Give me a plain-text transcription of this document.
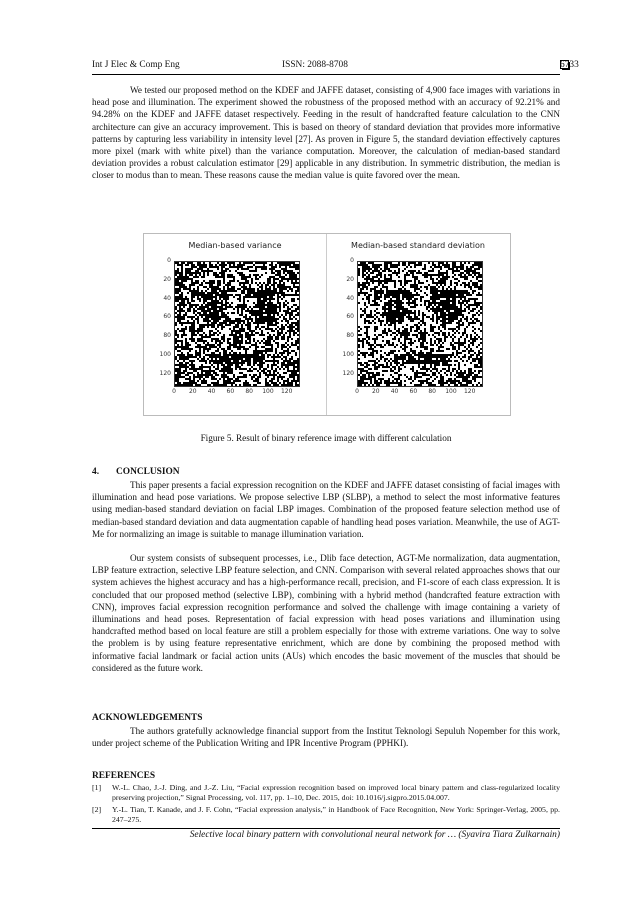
Int J Elec & Comp Eng	ISSN: 2088-8708	6733

We tested our proposed method on the KDEF and JAFFE dataset, consisting of 4,900 face images with variations in head pose and illumination. The experiment showed the robustness of the proposed method with an accuracy of 92.21% and 94.28% on the KDEF and JAFFE dataset respectively. Feeding in the result of handcrafted feature calculation to the CNN architecture can give an accuracy improvement. This is based on theory of standard deviation that provides more informative patterns by capturing less variability in intensity level [27]. As proven in Figure 5, the standard deviation effectively captures more pixel (mark with white pixel) than the variance computation. Moreover, the calculation of median-based standard deviation provides a robust calculation estimator [29] applicable in any distribution. In symmetric distribution, the median is closer to modus than to mean. These reasons cause the median value is quite favored over the mean.

Median-based variance
0
20
40
60
80
100
120
0	20	40	60	80	100	120
Median-based standard deviation
0
20
40
60
80
100
120
0	20	40	60	80	100	120
Figure 5. Result of binary reference image with different calculation
4. CONCLUSION

This paper presents a facial expression recognition on the KDEF and JAFFE dataset consisting of facial images with illumination and head pose variations. We propose selective LBP (SLBP), a method to select the most informative features using median-based standard deviation on facial LBP images. Combination of the proposed feature selection method use of median-based standard deviation and data augmentation capable of handling head poses variation. Meanwhile, the use of AGT-Me for normalizing an image is suitable to manage illumination variation.

Our system consists of subsequent processes, i.e., Dlib face detection, AGT-Me normalization, data augmentation, LBP feature extraction, selective LBP feature selection, and CNN. Comparison with several related approaches shows that our system achieves the highest accuracy and has a high-performance recall, precision, and F1-score of each class expression. It is concluded that our proposed method (selective LBP), combining with a hybrid method (handcrafted feature extraction with CNN), improves facial expression recognition performance and solved the challenge with image containing a variety of illuminations and head poses. Representation of facial expression with head poses variations and illumination using handcrafted method based on local feature are still a problem especially for those with extreme variations. One way to solve the problem is by using feature representative enrichment, which are done by combining the proposed method with informative facial landmark or facial action units (AUs) which encodes the basic movement of the muscles that should be considered as the future work.

ACKNOWLEDGEMENTS

The authors gratefully acknowledge financial support from the Institut Teknologi Sepuluh Nopember for this work, under project scheme of the Publication Writing and IPR Incentive Program (PPHKI).

REFERENCES
[1] W.-L. Chao, J.-J. Ding, and J.-Z. Liu, “Facial expression recognition based on improved local binary pattern and class-regularized locality preserving projection,” Signal Processing, vol. 117, pp. 1–10, Dec. 2015, doi: 10.1016/j.sigpro.2015.04.007.
[2] Y.-L. Tian, T. Kanade, and J. F. Cohn, “Facial expression analysis,” in Handbook of Face Recognition, New York: Springer-Verlag, 2005, pp. 247–275.
Selective local binary pattern with convolutional neural network for … (Syavira Tiara Zulkarnain)
